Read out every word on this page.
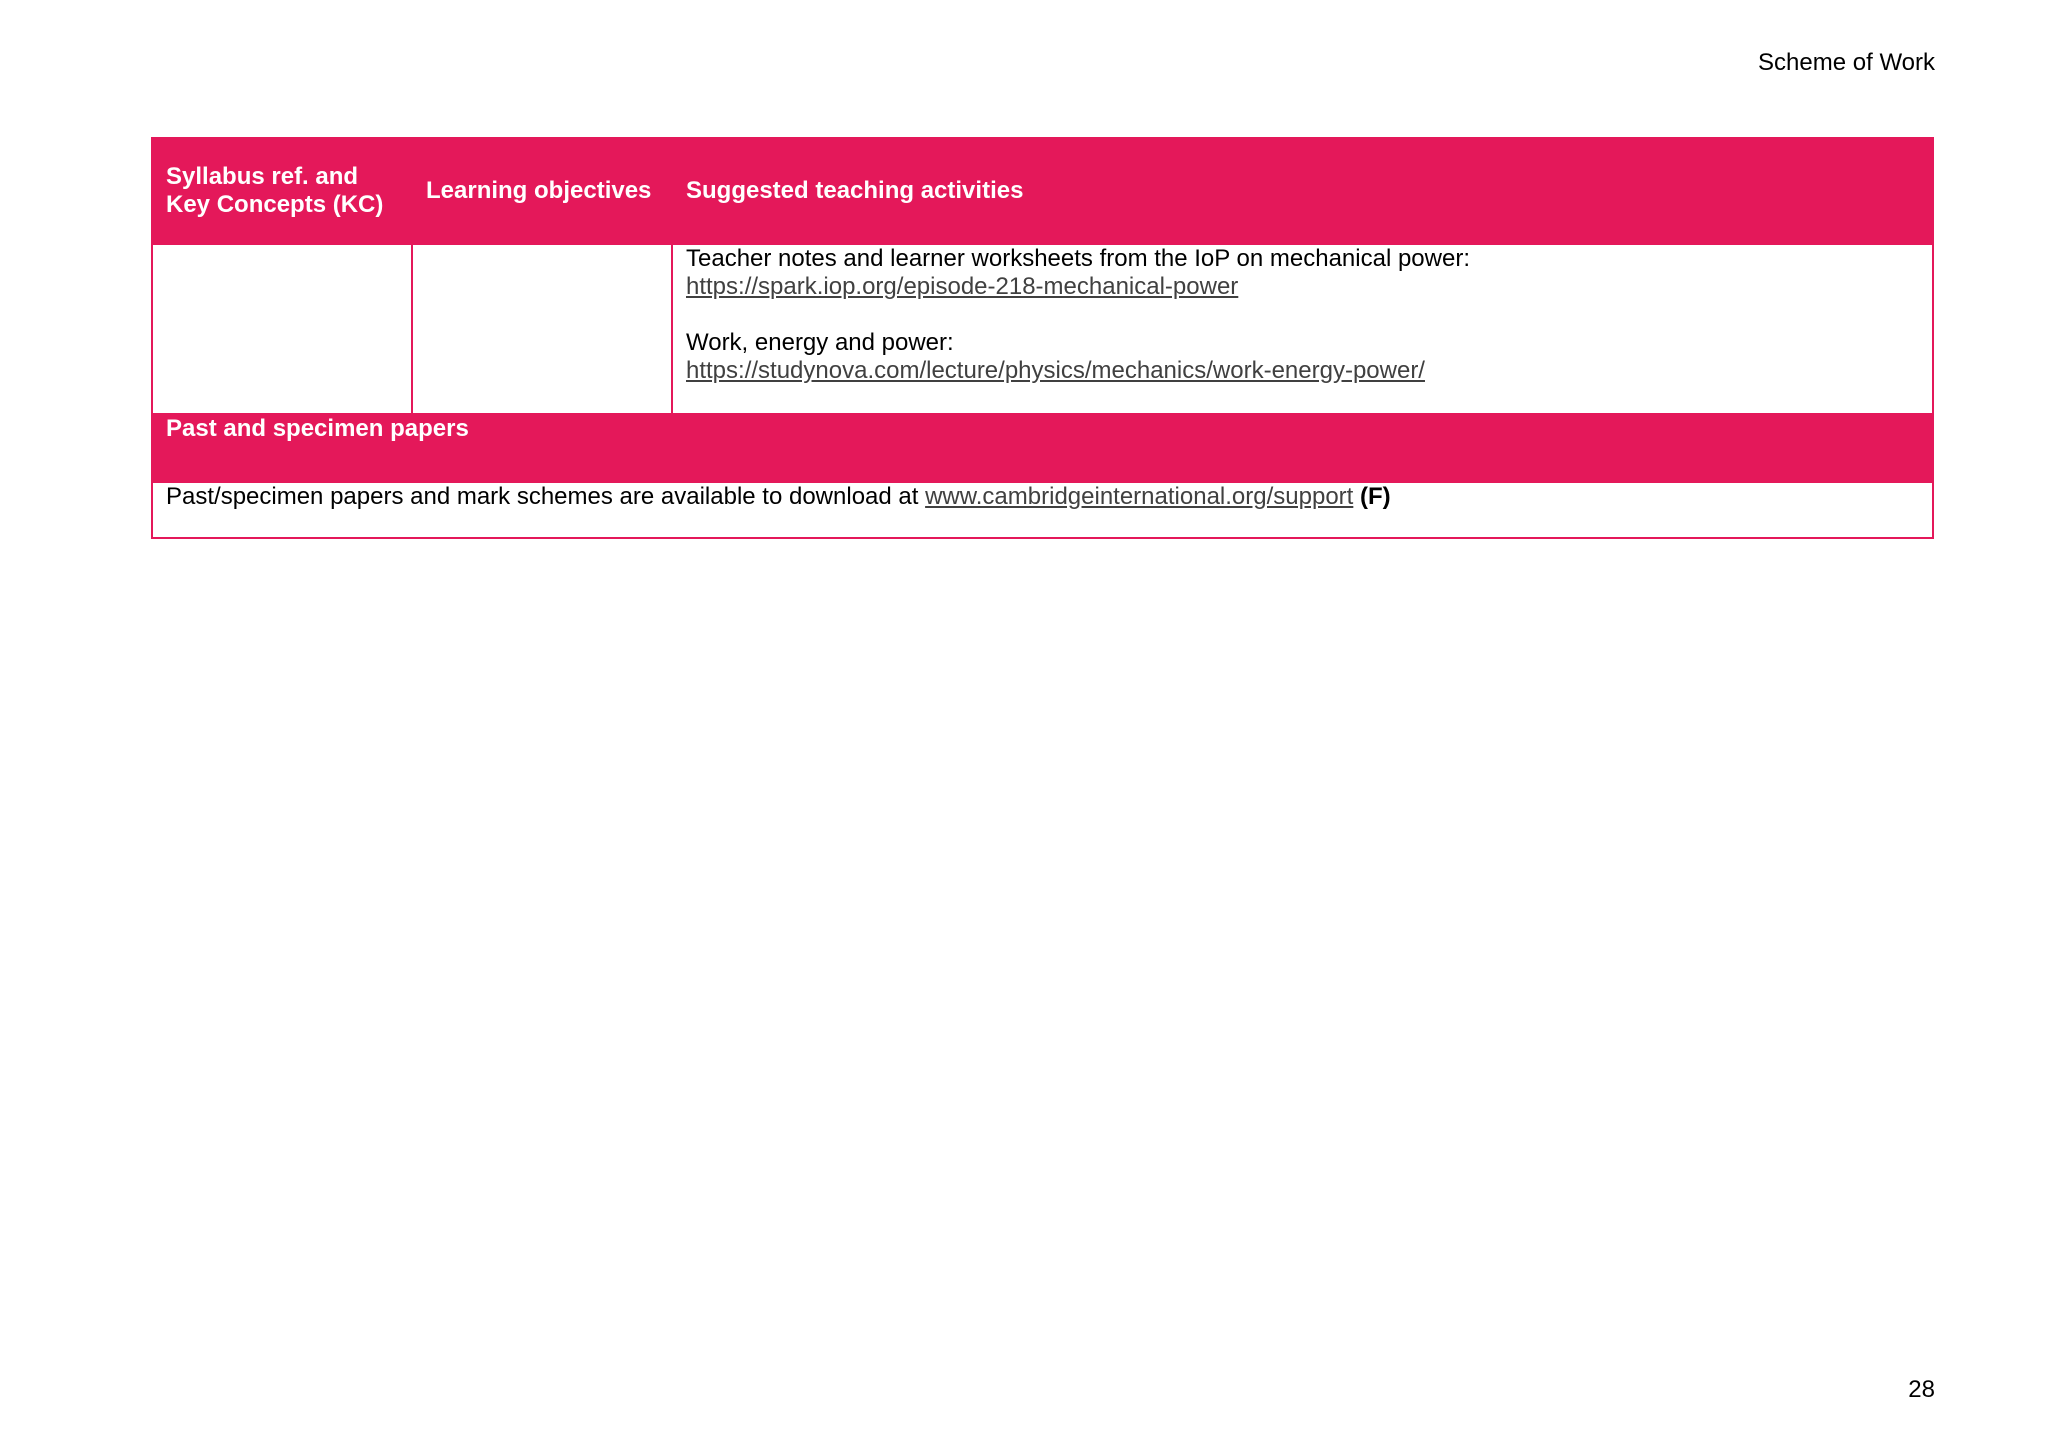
Scheme of Work
Syllabus ref. and
Key Concepts (KC)	Learning objectives	Suggested teaching activities

		Teacher notes and learner worksheets from the IoP on mechanical power:
https://spark.iop.org/episode-218-mechanical-power
Work, energy and power:
https://studynova.com/lecture/physics/mechanics/work-energy-power/

Past and specimen papers		
Past/specimen papers and mark schemes are available to download at www.cambridgeinternational.org/support (F)		
28
